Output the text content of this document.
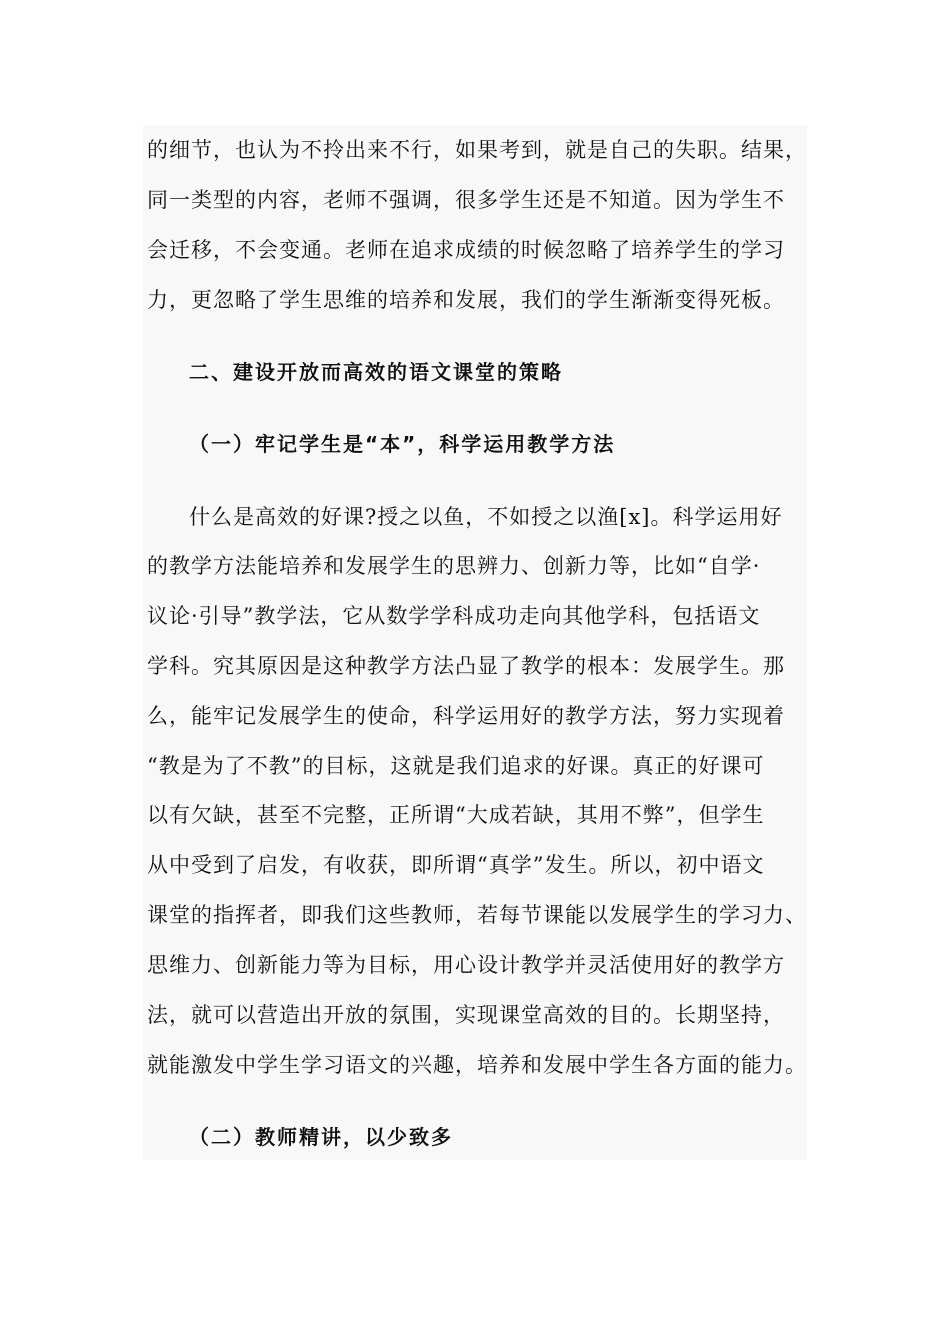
的细节，也认为不拎出来不行，如果考到，就是自己的失职。结果，
同一类型的内容，老师不强调，很多学生还是不知道。因为学生不
会迁移，不会变通。老师在追求成绩的时候忽略了培养学生的学习
力，更忽略了学生思维的培养和发展，我们的学生渐渐变得死板。
二、建设开放而高效的语文课堂的策略
（一）牢记学生是“本”，科学运用教学方法
什么是高效的好课?授之以鱼，不如授之以渔[x]。科学运用好
的教学方法能培养和发展学生的思辨力、创新力等，比如“自学·
议论·引导”教学法，它从数学学科成功走向其他学科，包括语文
学科。究其原因是这种教学方法凸显了教学的根本：发展学生。那
么，能牢记发展学生的使命，科学运用好的教学方法，努力实现着
“教是为了不教”的目标，这就是我们追求的好课。真正的好课可
以有欠缺，甚至不完整，正所谓“大成若缺，其用不弊”，但学生
从中受到了启发，有收获，即所谓“真学”发生。所以，初中语文
课堂的指挥者，即我们这些教师，若每节课能以发展学生的学习力、
思维力、创新能力等为目标，用心设计教学并灵活使用好的教学方
法，就可以营造出开放的氛围，实现课堂高效的目的。长期坚持，
就能激发中学生学习语文的兴趣，培养和发展中学生各方面的能力。
（二）教师精讲，以少致多
